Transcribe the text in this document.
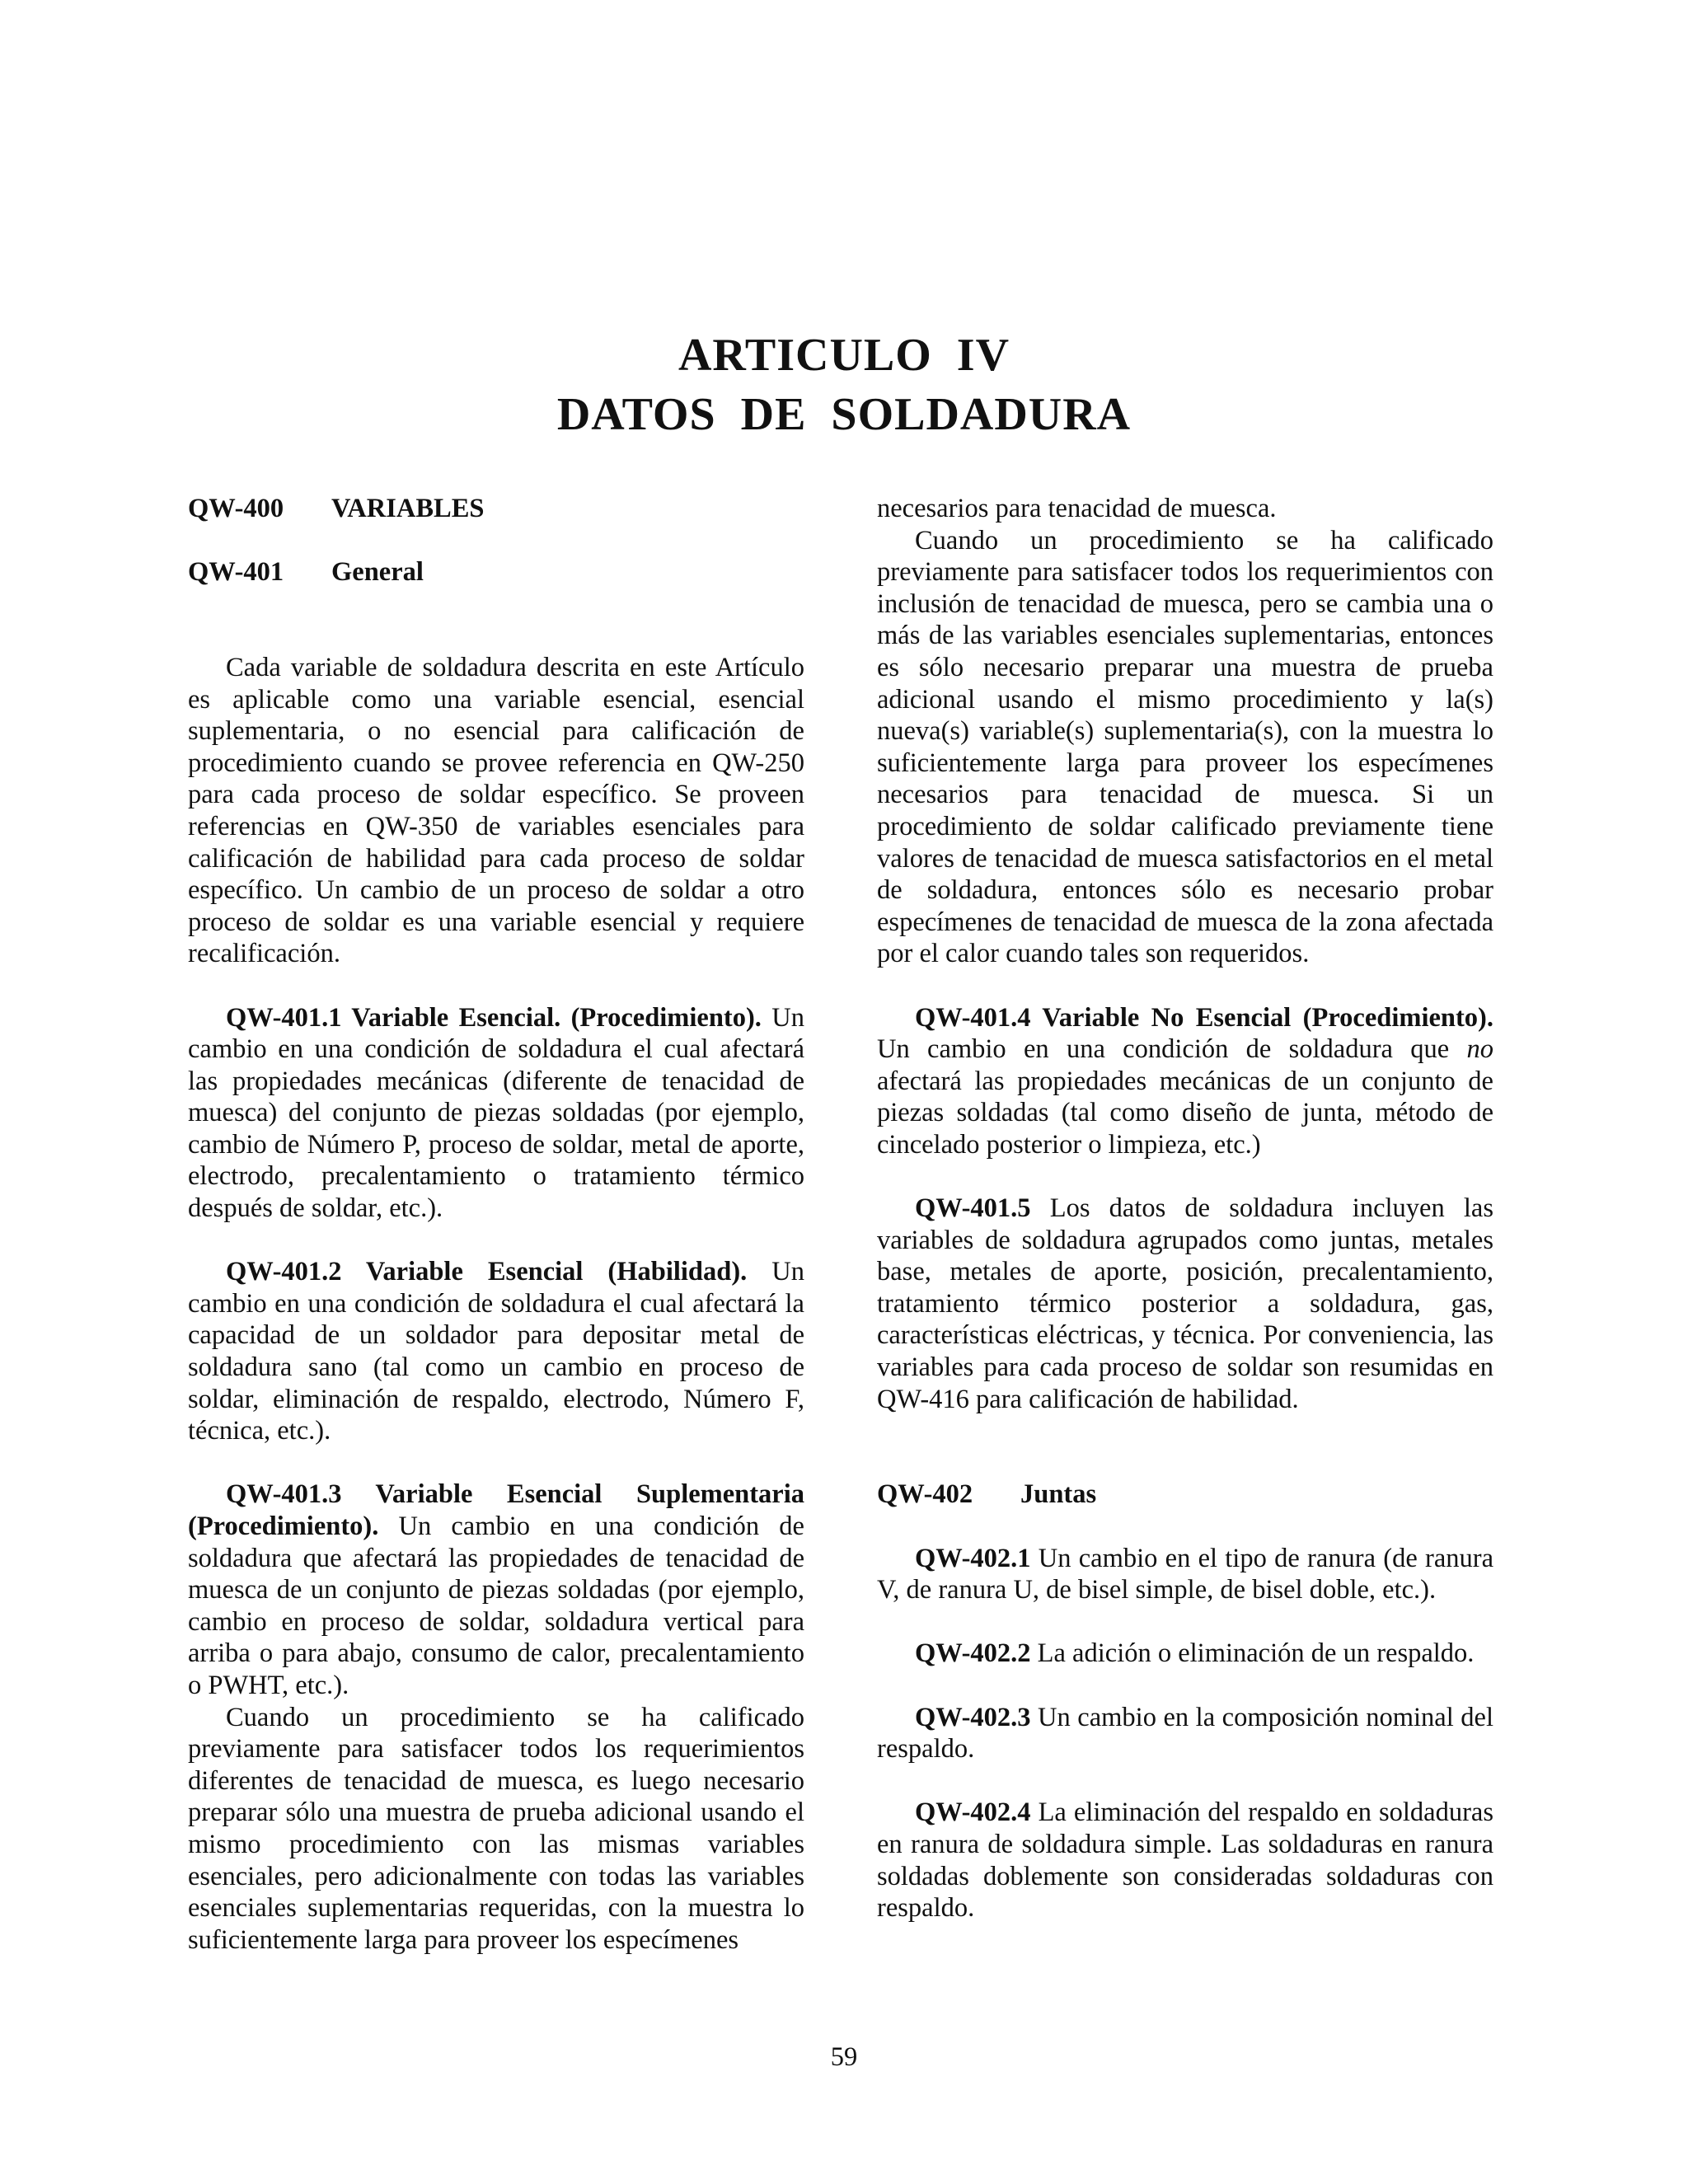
ARTICULO  IV
DATOS  DE  SOLDADURA

QW-400 VARIABLES

QW-401 General

Cada variable de soldadura descrita en este Artículo es aplicable como una variable esencial, esencial suplementaria, o no esencial para calificación de procedimiento cuando se provee referencia en QW-250 para cada proceso de soldar específico. Se proveen referencias en QW-350 de variables esenciales para calificación de habilidad para cada proceso de soldar específico. Un cambio de un proceso de soldar a otro proceso de soldar es una variable esencial y requiere recalificación.

QW-401.1 Variable Esencial. (Procedimiento). Un cambio en una condición de soldadura el cual afectará las propiedades mecánicas (diferente de tenacidad de muesca) del conjunto de piezas soldadas (por ejemplo, cambio de Número P, proceso de soldar, metal de aporte, electrodo, precalentamiento o tratamiento térmico después de soldar, etc.).

QW-401.2 Variable Esencial (Habilidad). Un cambio en una condición de soldadura el cual afectará la capacidad de un soldador para depositar metal de soldadura sano (tal como un cambio en proceso de soldar, eliminación de respaldo, electrodo, Número F, técnica, etc.).

QW-401.3 Variable Esencial Suplementaria (Procedimiento). Un cambio en una condición de soldadura que afectará las propiedades de tenacidad de muesca de un conjunto de piezas soldadas (por ejemplo, cambio en proceso de soldar, soldadura vertical para arriba o para abajo, consumo de calor, precalentamiento o PWHT, etc.).

Cuando un procedimiento se ha calificado previamente para satisfacer todos los requerimientos diferentes de tenacidad de muesca, es luego necesario preparar sólo una muestra de prueba adicional usando el mismo procedimiento con las mismas variables esenciales, pero adicionalmente con todas las variables esenciales suplementarias requeridas, con la muestra lo suficientemente larga para proveer los especímenes

necesarios para tenacidad de muesca.

Cuando un procedimiento se ha calificado previamente para satisfacer todos los requerimientos con inclusión de tenacidad de muesca, pero se cambia una o más de las variables esenciales suplementarias, entonces es sólo necesario preparar una muestra de prueba adicional usando el mismo procedimiento y la(s) nueva(s) variable(s) suplementaria(s), con la muestra lo suficientemente larga para proveer los especímenes necesarios para tenacidad de muesca. Si un procedimiento de soldar calificado previamente tiene valores de tenacidad de muesca satisfactorios en el metal de soldadura, entonces sólo es necesario probar especímenes de tenacidad de muesca de la zona afectada por el calor cuando tales son requeridos.

QW-401.4 Variable No Esencial (Procedimiento). Un cambio en una condición de soldadura que no afectará las propiedades mecánicas de un conjunto de piezas soldadas (tal como diseño de junta, método de cincelado posterior o limpieza, etc.)

QW-401.5 Los datos de soldadura incluyen las variables de soldadura agrupados como juntas, metales base, metales de aporte, posición, precalentamiento, tratamiento térmico posterior a soldadura, gas, características eléctricas, y técnica. Por conveniencia, las variables para cada proceso de soldar son resumidas en QW-416 para calificación de habilidad.

QW-402 Juntas

QW-402.1 Un cambio en el tipo de ranura (de ranura V, de ranura U, de bisel simple, de bisel doble, etc.).

QW-402.2 La adición o eliminación de un respaldo.

QW-402.3 Un cambio en la composición nominal del respaldo.

QW-402.4 La eliminación del respaldo en soldaduras en ranura de soldadura simple. Las soldaduras en ranura soldadas doblemente son consideradas soldaduras con respaldo.

59
